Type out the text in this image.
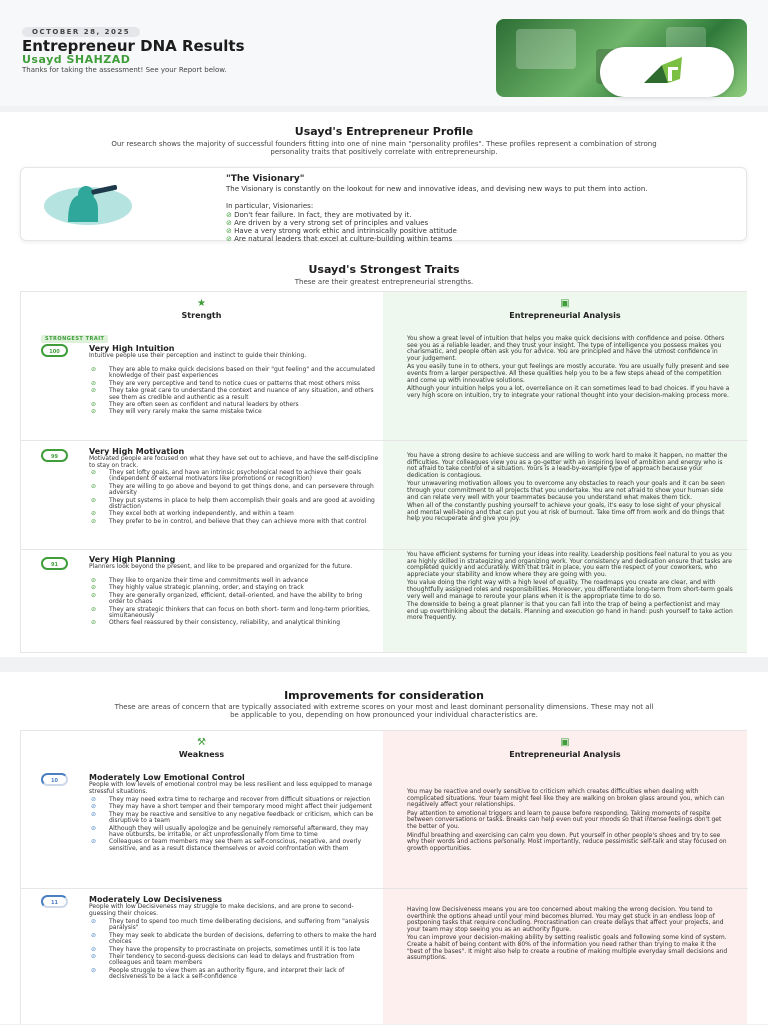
OCTOBER 28, 2025
Entrepreneur DNA Results
Usayd SHAHZAD
Thanks for taking the assessment! See your Report below.
Usayd's Entrepreneur Profile
Our research shows the majority of successful founders fitting into one of nine main "personality profiles". These profiles represent a combination of strong personality traits that positively correlate with entrepreneurship.
"The Visionary"
The Visionary is constantly on the lookout for new and innovative ideas, and devising new ways to put them into action.
In particular, Visionaries:
⊘ Don't fear failure. In fact, they are motivated by it.
⊘ Are driven by a very strong set of principles and values
⊘ Have a very strong work ethic and intrinsically positive attitude
⊘ Are natural leaders that excel at culture-building within teams
Usayd's Strongest Traits
These are their greatest entrepreneurial strengths.
★
Strength
▣
Entrepreneurial Analysis
STRONGEST TRAIT
100	Very High Intuition
Intuitive people use their perception and instinct to guide their thinking.
⊘ They are able to make quick decisions based on their "gut feeling" and the accumulated knowledge of their past experiences
⊘ They are very perceptive and tend to notice cues or patterns that most others miss
⊘ They take great care to understand the context and nuance of any situation, and others see them as credible and authentic as a result
⊘ They are often seen as confident and natural leaders by others
⊘ They will very rarely make the same mistake twice

You show a great level of intuition that helps you make quick decisions with confidence and poise. Others see you as a reliable leader, and they trust your insight. The type of intelligence you possess makes you charismatic, and people often ask you for advice. You are principled and have the utmost confidence in your judgement.

As you easily tune in to others, your gut feelings are mostly accurate. You are usually fully present and see events from a larger perspective. All these qualities help you to be a few steps ahead of the competition and come up with innovative solutions.

Although your intuition helps you a lot, overreliance on it can sometimes lead to bad choices. If you have a very high score on intuition, try to integrate your rational thought into your decision-making process more.

99
Very High Motivation
Motivated people are focused on what they have set out to achieve, and have the self-discipline to stay on track.
⊘ They set lofty goals, and have an intrinsic psychological need to achieve their goals (independent of external motivators like promotions or recognition)
⊘ They are willing to go above and beyond to get things done, and can persevere through adversity
⊘ They put systems in place to help them accomplish their goals and are good at avoiding distraction
⊘ They excel both at working independently, and within a team
⊘ They prefer to be in control, and believe that they can achieve more with that control

You have a strong desire to achieve success and are willing to work hard to make it happen, no matter the difficulties. Your colleagues view you as a go-getter with an inspiring level of ambition and energy who is not afraid to take control of a situation. Yours is a lead-by-example type of approach because your dedication is contagious.

Your unwavering motivation allows you to overcome any obstacles to reach your goals and it can be seen through your commitment to all projects that you undertake. You are not afraid to show your human side and can relate very well with your teammates because you understand what makes them tick.

When all of the constantly pushing yourself to achieve your goals, it's easy to lose sight of your physical and mental well-being and that can put you at risk of burnout. Take time off from work and do things that help you recuperate and give you joy.

91
Very High Planning
Planners look beyond the present, and like to be prepared and organized for the future.
⊘ They like to organize their time and commitments well in advance
⊘ They highly value strategic planning, order, and staying on track
⊘ They are generally organized, efficient, detail-oriented, and have the ability to bring order to chaos
⊘ They are strategic thinkers that can focus on both short- term and long-term priorities, simultaneously
⊘ Others feel reassured by their consistency, reliability, and analytical thinking

You have efficient systems for turning your ideas into reality. Leadership positions feel natural to you as you are highly skilled in strategizing and organizing work. Your consistency and dedication ensure that tasks are completed quickly and accurately. With that trait in place, you earn the respect of your coworkers, who appreciate your stability and know where they are going with you.

You value doing the right way with a high level of quality. The roadmaps you create are clear, and with thoughtfully assigned roles and responsibilities. Moreover, you differentiate long-term from short-term goals very well and manage to reroute your plans when it is the appropriate time to do so.

The downside to being a great planner is that you can fall into the trap of being a perfectionist and may end up overthinking about the details. Planning and execution go hand in hand: push yourself to take action more frequently.

Improvements for consideration
These are areas of concern that are typically associated with extreme scores on your most and least dominant personality dimensions. These may not all be applicable to you, depending on how pronounced your individual characteristics are.
⚒
Weakness
▣
Entrepreneurial Analysis
10	Moderately Low Emotional Control
People with low levels of emotional control may be less resilient and less equipped to manage stressful situations.
⊘ They may need extra time to recharge and recover from difficult situations or rejection
⊘ They may have a short temper and their temporary mood might affect their judgement
⊘ They may be reactive and sensitive to any negative feedback or criticism, which can be disruptive to a team
⊘ Although they will usually apologize and be genuinely remorseful afterward, they may have outbursts, be irritable, or act unprofessionally from time to time
⊘ Colleagues or team members may see them as self-conscious, negative, and overly sensitive, and as a result distance themselves or avoid confrontation with them

You may be reactive and overly sensitive to criticism which creates difficulties when dealing with complicated situations. Your team might feel like they are walking on broken glass around you, which can negatively affect your relationships.

Pay attention to emotional triggers and learn to pause before responding. Taking moments of respite between conversations or tasks. Breaks can help even out your moods so that intense feelings don't get the better of you.

Mindful breathing and exercising can calm you down. Put yourself in other people's shoes and try to see why their words and actions personally. Most importantly, reduce pessimistic self-talk and stay focused on growth opportunities.

11	Moderately Low Decisiveness
People with low Decisiveness may struggle to make decisions, and are prone to second-guessing their choices.
⊘ They tend to spend too much time deliberating decisions, and suffering from "analysis paralysis"
⊘ They may seek to abdicate the burden of decisions, deferring to others to make the hard choices
⊘ They have the propensity to procrastinate on projects, sometimes until it is too late
⊘ Their tendency to second-guess decisions can lead to delays and frustration from colleagues and team members
⊘ People struggle to view them as an authority figure, and interpret their lack of decisiveness to be a lack a self-confidence

Having low Decisiveness means you are too concerned about making the wrong decision. You tend to overthink the options ahead until your mind becomes blurred. You may get stuck in an endless loop of postponing tasks that require concluding. Procrastination can create delays that affect your projects, and your team may stop seeing you as an authority figure.

You can improve your decision-making ability by setting realistic goals and following some kind of system. Create a habit of being content with 80% of the information you need rather than trying to make it the "best of the bases". It might also help to create a routine of making multiple everyday small decisions and assumptions.
